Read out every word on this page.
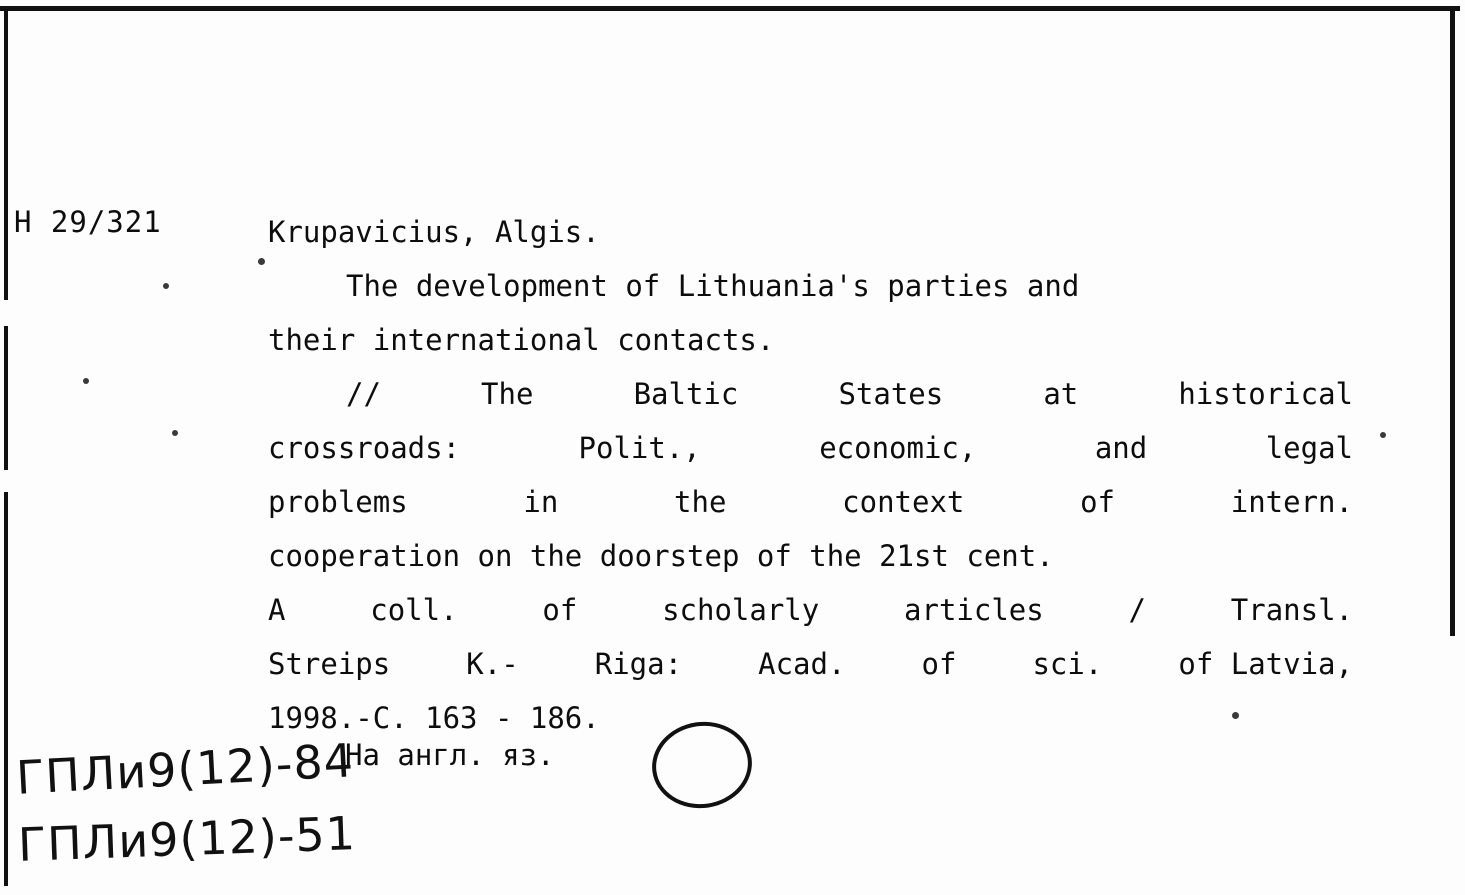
H 29/321	Krupavicius, Algis.
The development of Lithuania's parties and
their international contacts.
//	The	Baltic	States	at	historical
crossroads:	Polit.,	economic,	and	legal
problems	in	the	context	of	intern.
cooperation on the doorstep of the 21st cent.
A	coll.	of	scholarly	articles	/	Transl.
Streips	K.-	Riga:	Acad.	of	sci.	of Latvia,
1998.-C. 163 - 186.
На англ. яз.
ГПЛи9(12)-84
ГПЛи9(12)-51
